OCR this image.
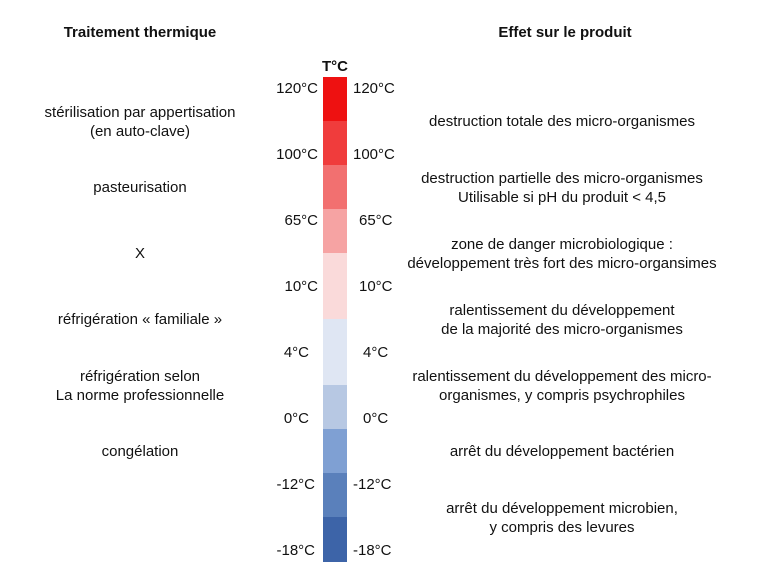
Traitement thermique
T°C
Effet sur le produit
120°C
100°C
65°C
10°C
4°C
0°C
-12°C
-18°C
120°C
100°C
65°C
10°C
4°C
0°C
-12°C
-18°C
stérilisation par appertisation
(en auto-clave)
pasteurisation
X
réfrigération « familiale »
réfrigération selon
La norme professionnelle
congélation
destruction totale des micro-organismes
destruction partielle des micro-organismes
Utilisable si pH du produit < 4,5
zone de danger microbiologique :
développement très fort des micro-organsimes
ralentissement du développement
de la majorité des micro-organismes
ralentissement du développement des micro-
organismes, y compris psychrophiles
arrêt du développement bactérien
arrêt du développement microbien,
y compris des levures
